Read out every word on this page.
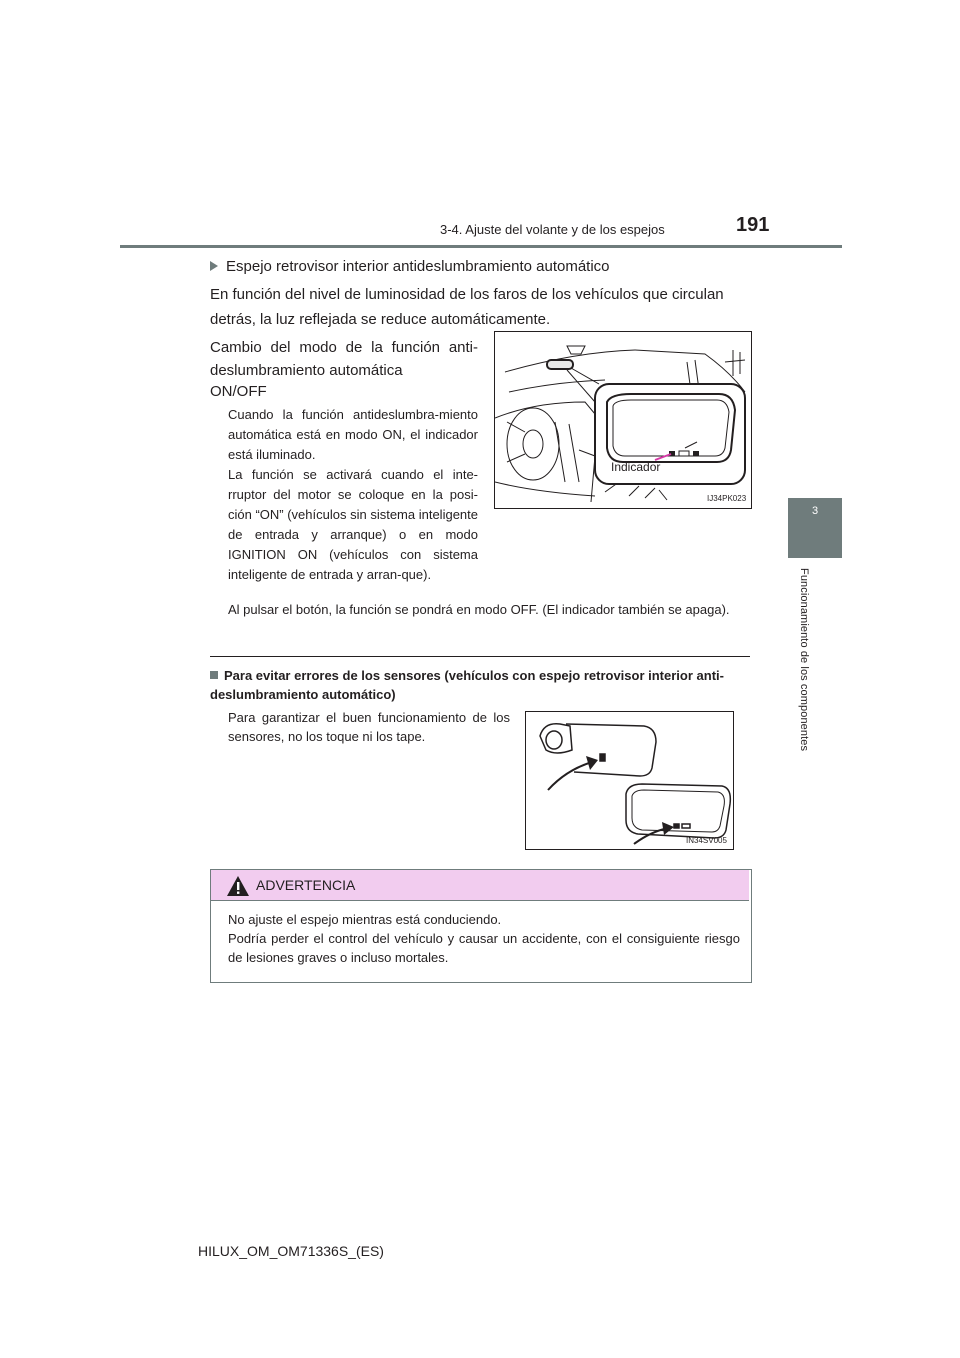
3-4. Ajuste del volante y de los espejos	191
3
Funcionamiento de los componentes
Espejo retrovisor interior antideslumbramiento automático
En función del nivel de luminosidad de los faros de los vehículos que circulan detrás, la luz reflejada se reduce automáticamente.
Cambio del modo de la función anti-deslumbramiento automática
ON/OFF
Cuando la función antideslumbra-miento automática está en modo ON, el indicador está iluminado.
La función se activará cuando el inte-rruptor del motor se coloque en la posi-ción “ON” (vehículos sin sistema inteligente de entrada y arranque) o en modo IGNITION ON (vehículos con sistema inteligente de entrada y arran-que).
Al pulsar el botón, la función se pondrá en modo OFF. (El indicador también se apaga).
Indicador
IJ34PK023
Para evitar errores de los sensores (vehículos con espejo retrovisor interior anti-deslumbramiento automático)
Para garantizar el buen funcionamiento de los sensores, no los toque ni los tape.
IN34SV005
ADVERTENCIA
No ajuste el espejo mientras está conduciendo.
Podría perder el control del vehículo y causar un accidente, con el consiguiente riesgo de lesiones graves o incluso mortales.
HILUX_OM_OM71336S_(ES)
